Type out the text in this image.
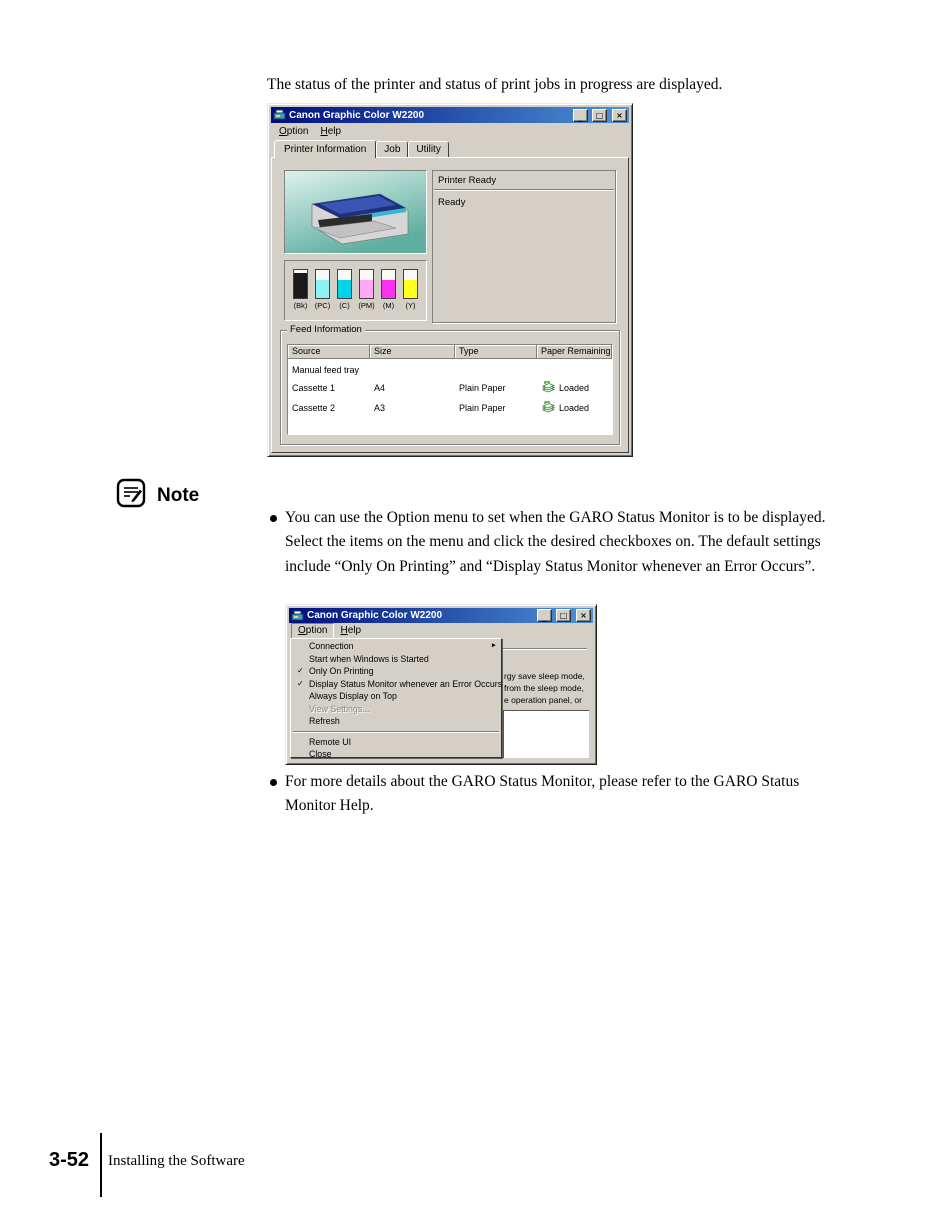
The status of the printer and status of print jobs in progress are displayed.
Canon Graphic Color W2200	_	□	×
Option	Help
Printer Information	Job	Utility
Printer Ready
Ready
(Bk) (PC) (C) (PM) (M) (Y)
Feed Information
Source	Size	Type	Paper Remaining
Manual feed tray
Cassette 1	A4	Plain Paper	Loaded
Cassette 2	A3	Plain Paper	Loaded
Note
You can use the Option menu to set when the GARO Status Monitor is to be displayed. Select the items on the menu and click the desired checkboxes on. The default settings include “Only On Printing” and “Display Status Monitor whenever an Error Occurs”.
Canon Graphic Color W2200	_	□	×
Option	Help
rgy save sleep mode,
from the sleep mode,
e operation panel, or
Connection	►
Start when Windows is Started
✓ Only On Printing
✓ Display Status Monitor whenever an Error Occurs
Always Display on Top
View Settings...
Refresh
Remote UI
Close
For more details about the GARO Status Monitor, please refer to the GARO Status Monitor Help.
3-52 Installing the Software
